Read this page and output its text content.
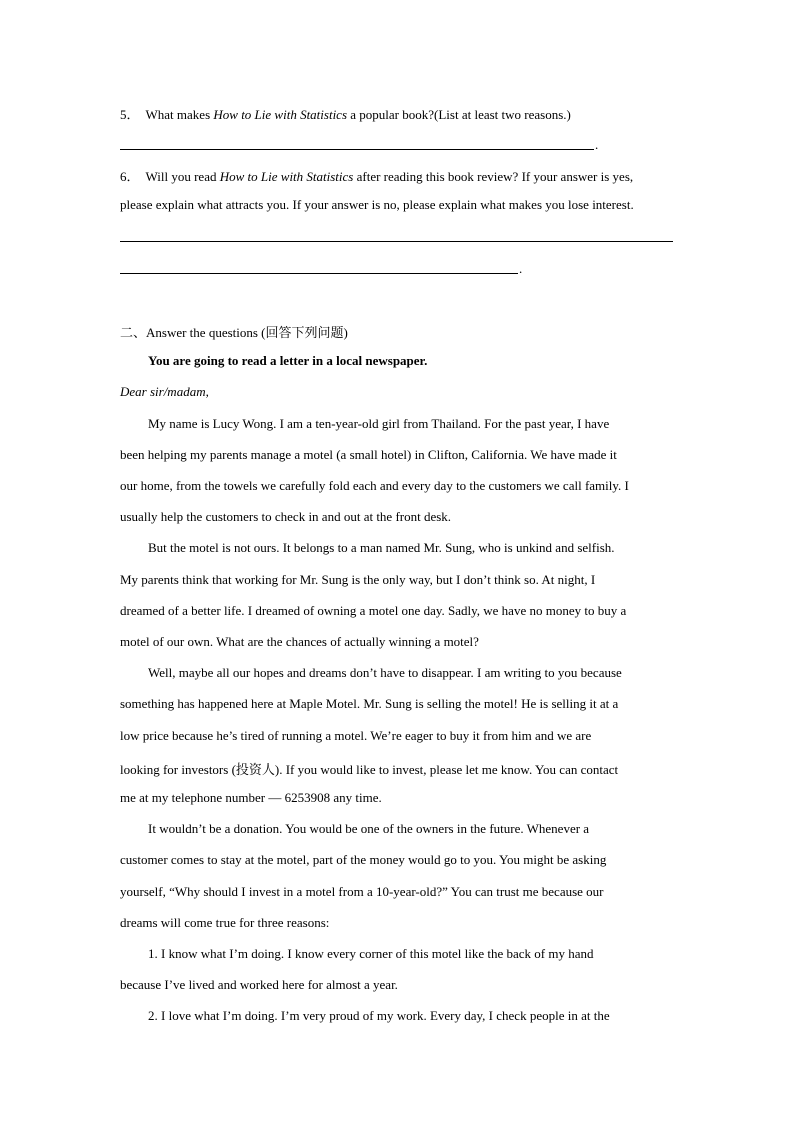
5． What makes How to Lie with Statistics a popular book?(List at least two reasons.)
.
6． Will you read How to Lie with Statistics after reading this book review? If your answer is yes,
please explain what attracts you. If your answer is no, please explain what makes you lose interest.
.
二、Answer the questions (回答下列问题)
You are going to read a letter in a local newspaper.
Dear sir/madam,
My name is Lucy Wong. I am a ten-year-old girl from Thailand. For the past year, I have
been helping my parents manage a motel (a small hotel) in Clifton, California. We have made it
our home, from the towels we carefully fold each and every day to the customers we call family. I
usually help the customers to check in and out at the front desk.
But the motel is not ours. It belongs to a man named Mr. Sung, who is unkind and selfish.
My parents think that working for Mr. Sung is the only way, but I don’t think so. At night, I
dreamed of a better life. I dreamed of owning a motel one day. Sadly, we have no money to buy a
motel of our own. What are the chances of actually winning a motel?
Well, maybe all our hopes and dreams don’t have to disappear. I am writing to you because
something has happened here at Maple Motel. Mr. Sung is selling the motel! He is selling it at a
low price because he’s tired of running a motel. We’re eager to buy it from him and we are
looking for investors (投资人). If you would like to invest, please let me know. You can contact
me at my telephone number — 6253908 any time.
It wouldn’t be a donation. You would be one of the owners in the future. Whenever a
customer comes to stay at the motel, part of the money would go to you. You might be asking
yourself, “Why should I invest in a motel from a 10-year-old?” You can trust me because our
dreams will come true for three reasons:
1. I know what I’m doing. I know every corner of this motel like the back of my hand
because I’ve lived and worked here for almost a year.
2. I love what I’m doing. I’m very proud of my work. Every day, I check people in at the
